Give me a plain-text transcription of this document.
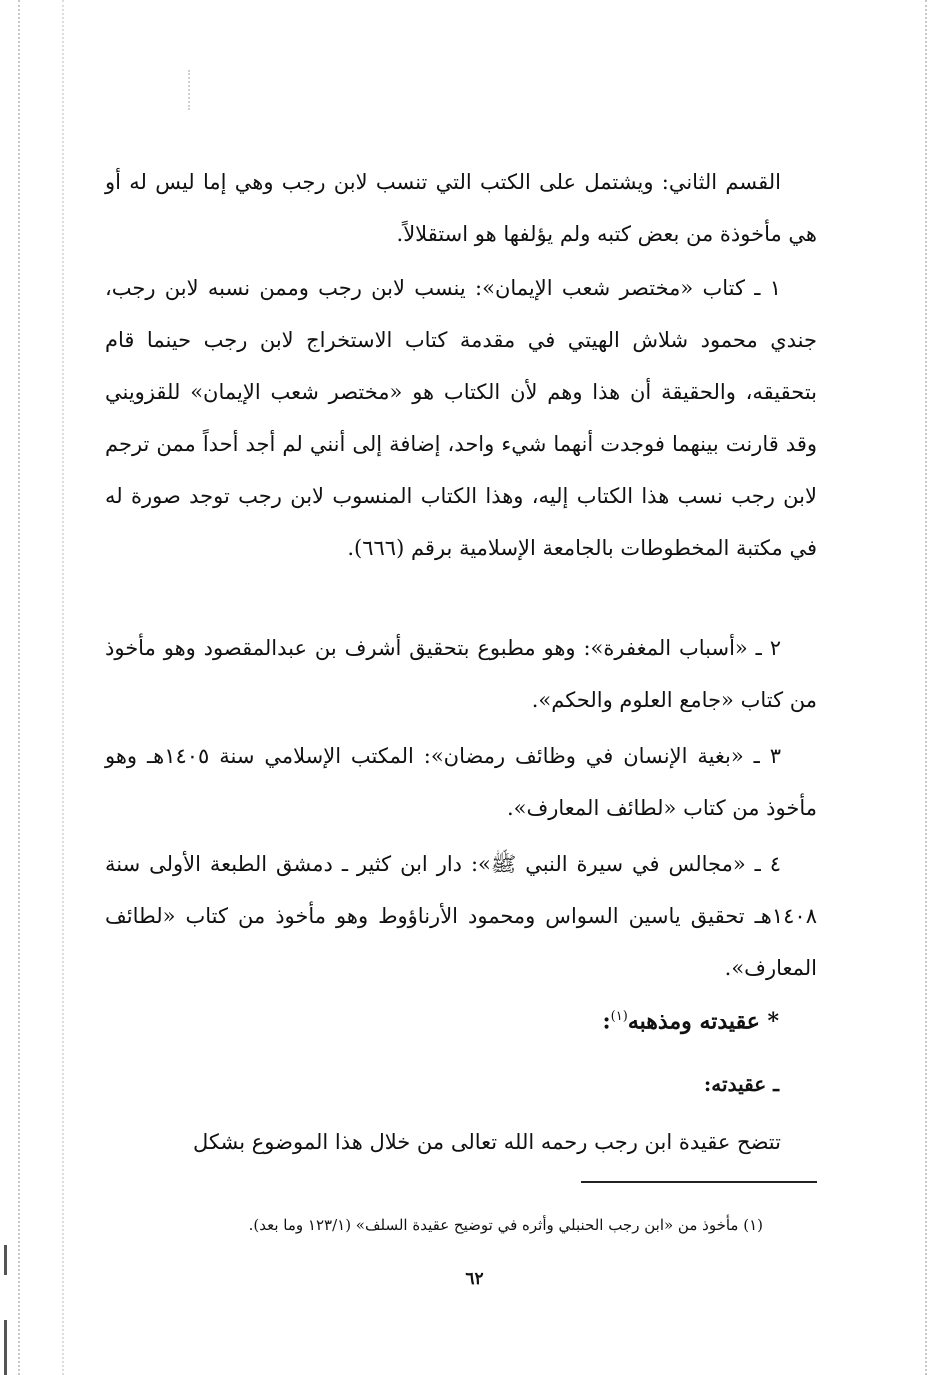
القسم الثاني: ويشتمل على الكتب التي تنسب لابن رجب وهي إما ليس له أو هي مأخوذة من بعض كتبه ولم يؤلفها هو استقلالاً.

١ ـ كتاب «مختصر شعب الإيمان»: ينسب لابن رجب وممن نسبه لابن رجب، جندي محمود شلاش الهيتي في مقدمة كتاب الاستخراج لابن رجب حينما قام بتحقيقه، والحقيقة أن هذا وهم لأن الكتاب هو «مختصر شعب الإيمان» للقزويني وقد قارنت بينهما فوجدت أنهما شيء واحد، إضافة إلى أنني لم أجد أحداً ممن ترجم لابن رجب نسب هذا الكتاب إليه، وهذا الكتاب المنسوب لابن رجب توجد صورة له في مكتبة المخطوطات بالجامعة الإسلامية برقم (٦٦٦).

٢ ـ «أسباب المغفرة»: وهو مطبوع بتحقيق أشرف بن عبدالمقصود وهو مأخوذ من كتاب «جامع العلوم والحكم».

٣ ـ «بغية الإنسان في وظائف رمضان»: المكتب الإسلامي سنة ١٤٠٥هـ وهو مأخوذ من كتاب «لطائف المعارف».

٤ ـ «مجالس في سيرة النبي ﷺ»: دار ابن كثير ـ دمشق الطبعة الأولى سنة ١٤٠٨هـ تحقيق ياسين السواس ومحمود الأرناؤوط وهو مأخوذ من كتاب «لطائف المعارف».

* عقيدته ومذهبه$^{(١)}$:
ـ عقيدته:

تتضح عقيدة ابن رجب رحمه الله تعالى من خلال هذا الموضوع بشكل

(١) مأخوذ من «ابن رجب الحنبلي وأثره في توضيح عقيدة السلف» (١٢٣/١ وما بعد).

٦٢
